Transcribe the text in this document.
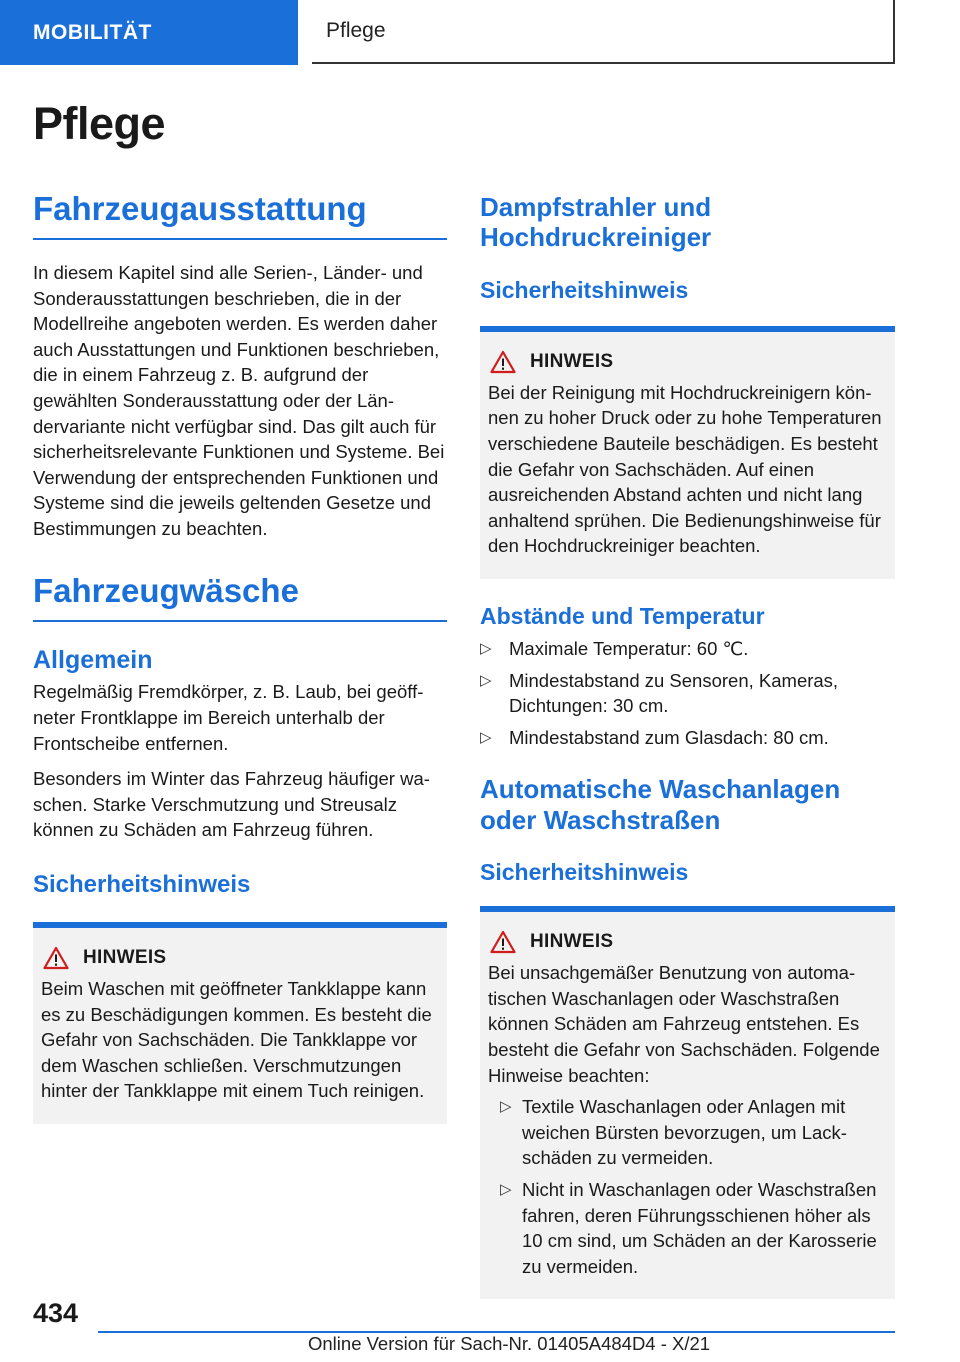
MOBILITÄT	Pflege
Pflege
Fahrzeugausstattung

In diesem Kapitel sind alle Serien-, Länder- und Sonderausstattungen beschrieben, die in der Modellreihe angeboten werden. Es werden daher auch Ausstattungen und Funktionen beschrieben, die in einem Fahrzeug z. B. aufgrund der gewählten Sonderausstattung oder der Ländervariante nicht verfügbar sind. Das gilt auch für sicherheitsrelevante Funktionen und Systeme. Bei Verwendung der entsprechenden Funktionen und Systeme sind die jeweils geltenden Gesetze und Bestimmungen zu beachten.

Fahrzeugwäsche
Allgemein

Regelmäßig Fremdkörper, z. B. Laub, bei geöffneter Frontklappe im Bereich unterhalb der Frontscheibe entfernen.

Besonders im Winter das Fahrzeug häufiger waschen. Starke Verschmutzung und Streusalz können zu Schäden am Fahrzeug führen.

Sicherheitshinweis
HINWEIS

Beim Waschen mit geöffneter Tankklappe kann es zu Beschädigungen kommen. Es besteht die Gefahr von Sachschäden. Die Tankklappe vor dem Waschen schließen. Verschmutzungen hinter der Tankklappe mit einem Tuch reinigen.

Dampfstrahler und Hochdruckreiniger
Sicherheitshinweis
HINWEIS

Bei der Reinigung mit Hochdruckreinigern können zu hoher Druck oder zu hohe Temperaturen verschiedene Bauteile beschädigen. Es besteht die Gefahr von Sachschäden. Auf einen ausreichenden Abstand achten und nicht lang anhaltend sprühen. Die Bedienungshinweise für den Hochdruckreiniger beachten.

Abstände und Temperatur
▷ Maximale Temperatur: 60 ℃.
▷ Mindestabstand zu Sensoren, Kameras, Dichtungen: 30 cm.
▷ Mindestabstand zum Glasdach: 80 cm.
Automatische Waschanlagen oder Waschstraßen
Sicherheitshinweis
HINWEIS

Bei unsachgemäßer Benutzung von automatischen Waschanlagen oder Waschstraßen können Schäden am Fahrzeug entstehen. Es besteht die Gefahr von Sachschäden. Folgende Hinweise beachten:

▷ Textile Waschanlagen oder Anlagen mit weichen Bürsten bevorzugen, um Lackschäden zu vermeiden.
▷ Nicht in Waschanlagen oder Waschstraßen fahren, deren Führungsschienen höher als 10 cm sind, um Schäden an der Karosserie zu vermeiden.
434
Online Version für Sach-Nr. 01405A484D4 - X/21
